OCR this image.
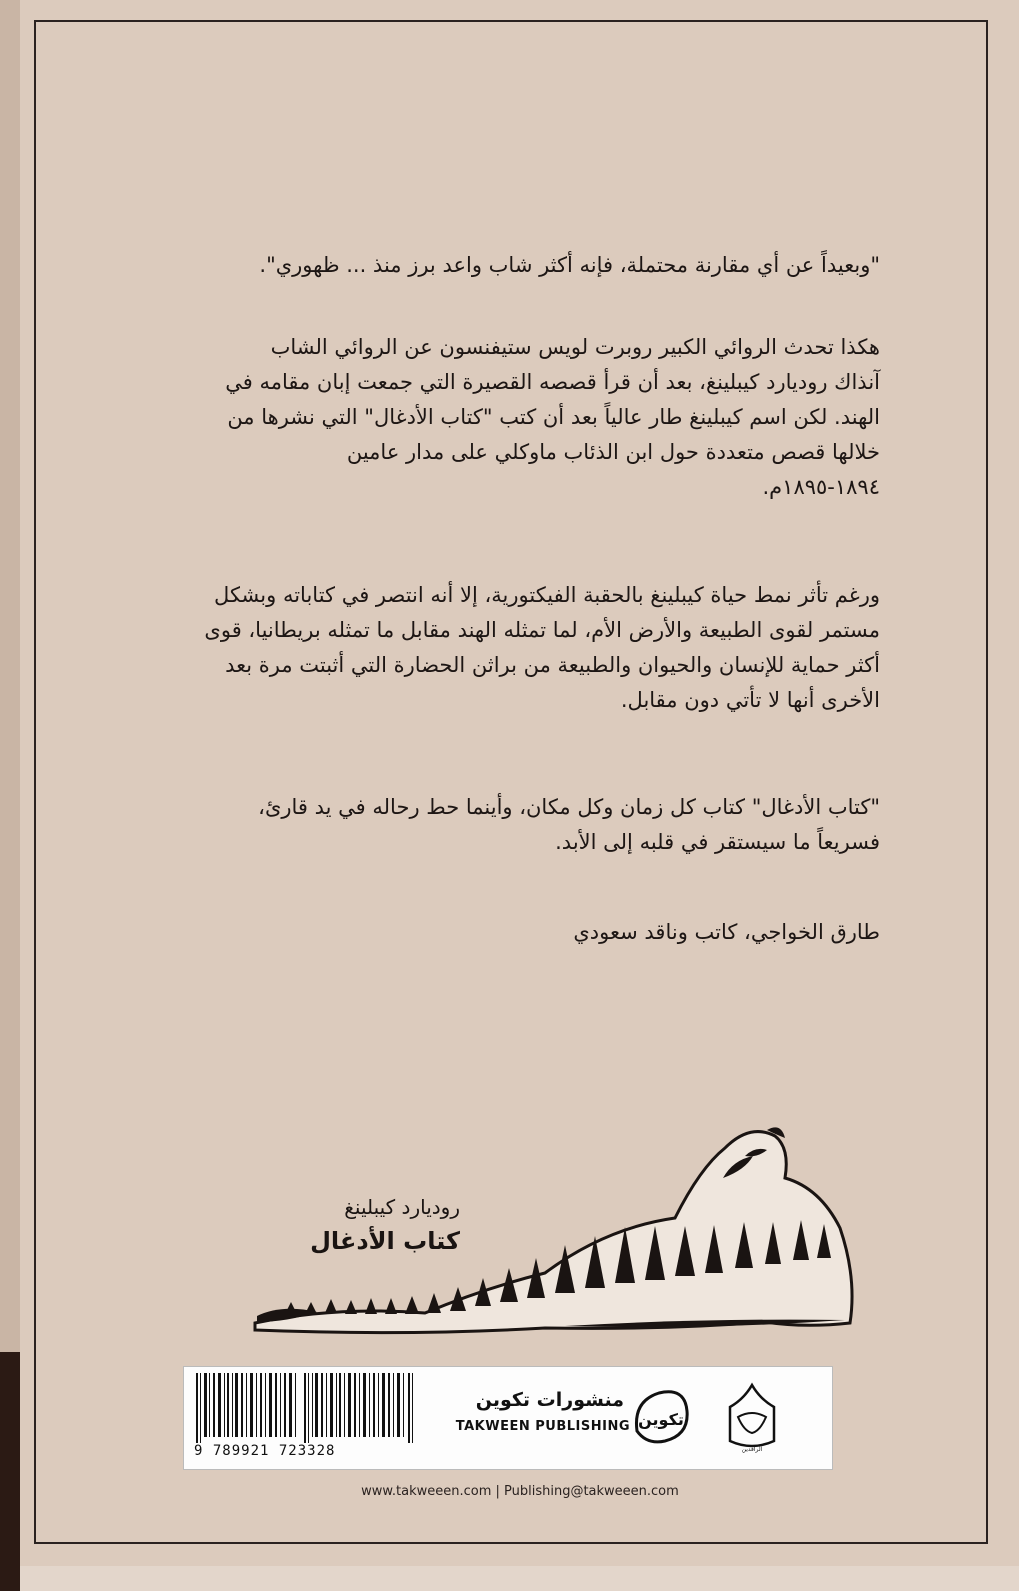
"وبعيداً عن أي مقارنة محتملة، فإنه أكثر شاب واعد برز منذ ... ظهوري".

هكذا تحدث الروائي الكبير روبرت لويس ستيفنسون عن الروائي الشاب
آنذاك روديارد كيبلينغ، بعد أن قرأ قصصه القصيرة التي جمعت إبان مقامه في
الهند. لكن اسم كيبلينغ طار عالياً بعد أن كتب "كتاب الأدغال" التي نشرها من
خلالها قصص متعددة حول ابن الذئاب ماوكلي على مدار عامين
١٨٩٤-١٨٩٥م.

ورغم تأثر نمط حياة كيبلينغ بالحقبة الفيكتورية، إلا أنه انتصر في كتاباته وبشكل
مستمر لقوى الطبيعة والأرض الأم، لما تمثله الهند مقابل ما تمثله بريطانيا، قوى
أكثر حماية للإنسان والحيوان والطبيعة من براثن الحضارة التي أثبتت مرة بعد
الأخرى أنها لا تأتي دون مقابل.

"كتاب الأدغال" كتاب كل زمان وكل مكان، وأينما حط رحاله في يد قارئ،
فسريعاً ما سيستقر في قلبه إلى الأبد.

طارق الخواجي، كاتب وناقد سعودي

روديارد كيبلينغ
كتاب الأدغال
9 789921 723328
منشورات تكوين
TAKWEEN PUBLISHING تكوين
الرافدين
www.takweeen.com | Publishing@takweeen.com
